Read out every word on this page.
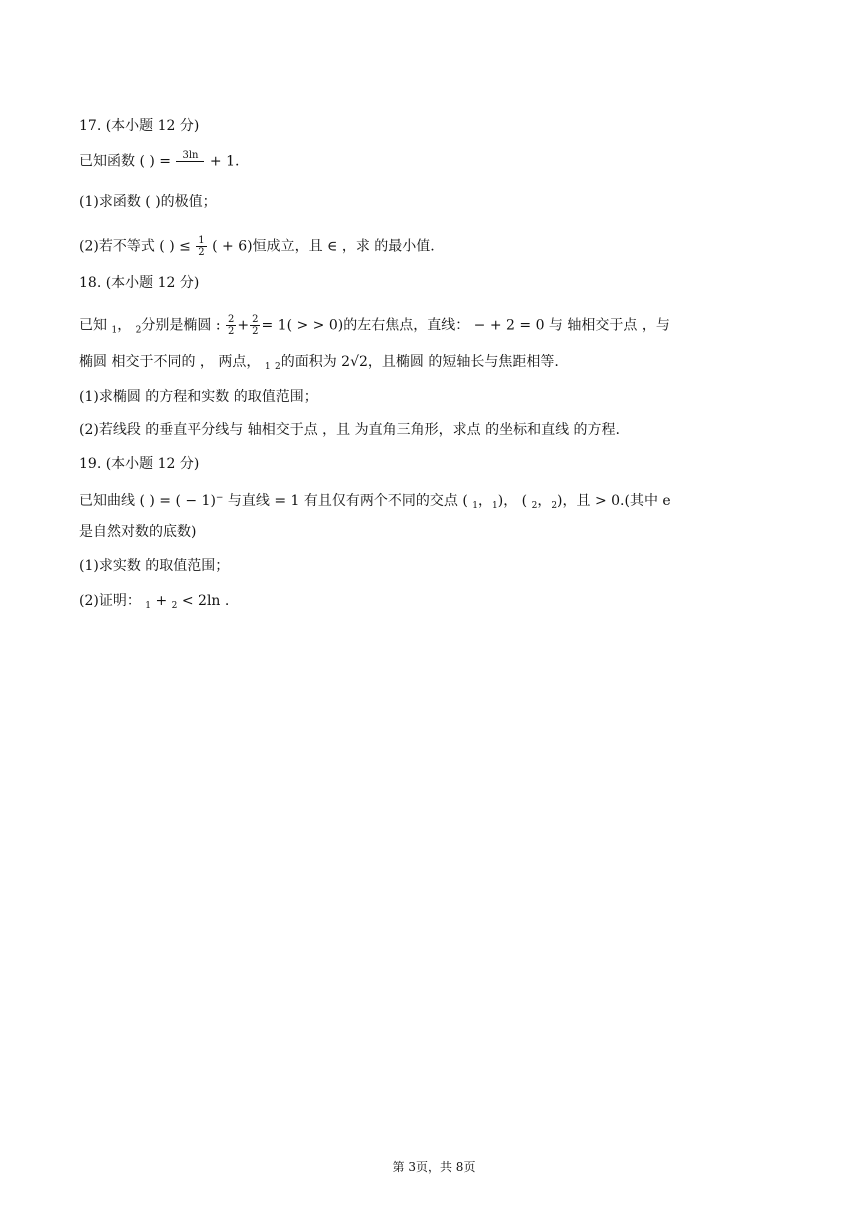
17. (本小题 12 分)
已知函数 ( ) =	3ln
+ 1.
(1)求函数 ( )的极值；
(2)若不等式 ( ) ≤ $\frac{1}{2}$ ( + 6)恒成立，且 ∈ ，求 的最小值.
18. (本小题 12 分)
已知 $_1$， $_2$分别是椭圆 : $\frac{2}{2} + \frac{2}{2} = 1$( > > 0)的左右焦点，直线： − + 2 = 0 与 轴相交于点 ，与
椭圆 相交于不同的 ， 两点， $_1$ $_2$的面积为 2√2，且椭圆 的短轴长与焦距相等.
(1)求椭圆 的方程和实数 的取值范围；
(2)若线段 的垂直平分线与 轴相交于点 ，且 为直角三角形，求点 的坐标和直线 的方程.
19. (本小题 12 分)
已知曲线 ( ) = ( − 1)− 与直线 = 1 有且仅有两个不同的交点 ( $_1$，$_1$)， ( $_2$，$_2$)，且 > 0.(其中 e
是自然对数的底数)
(1)求实数 的取值范围；
(2)证明： $_1$ + $_2$ < 2ln .
第 3页，共 8页
